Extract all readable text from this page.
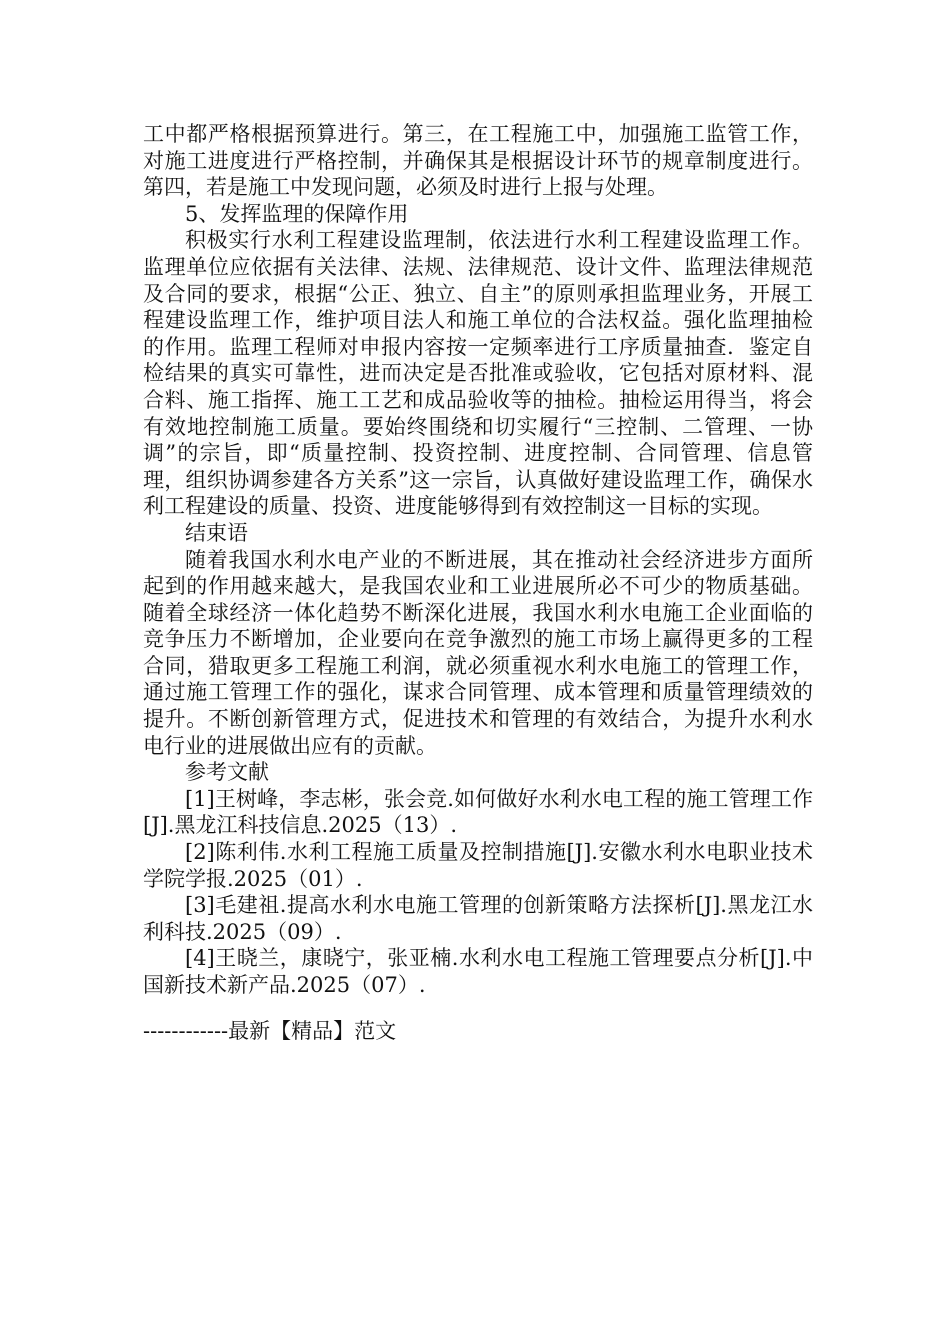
工中都严格根据预算进行。第三，在工程施工中，加强施工监管工作，对施工进度进行严格控制，并确保其是根据设计环节的规章制度进行。第四，若是施工中发现问题，必须及时进行上报与处理。

5、发挥监理的保障作用

积极实行水利工程建设监理制，依法进行水利工程建设监理工作。监理单位应依据有关法律、法规、法律规范、设计文件、监理法律规范及合同的要求，根据“公正、独立、自主”的原则承担监理业务，开展工程建设监理工作，维护项目法人和施工单位的合法权益。强化监理抽检的作用。监理工程师对申报内容按一定频率进行工序质量抽查．鉴定自检结果的真实可靠性，进而决定是否批准或验收，它包括对原材料、混合料、施工指挥、施工工艺和成品验收等的抽检。抽检运用得当，将会有效地控制施工质量。要始终围绕和切实履行“三控制、二管理、一协调”的宗旨，即“质量控制、投资控制、进度控制、合同管理、信息管理，组织协调参建各方关系”这一宗旨，认真做好建设监理工作，确保水利工程建设的质量、投资、进度能够得到有效控制这一目标的实现。

结束语

随着我国水利水电产业的不断进展，其在推动社会经济进步方面所起到的作用越来越大，是我国农业和工业进展所必不可少的物质基础。随着全球经济一体化趋势不断深化进展，我国水利水电施工企业面临的竞争压力不断增加，企业要向在竞争激烈的施工市场上赢得更多的工程合同，猎取更多工程施工利润，就必须重视水利水电施工的管理工作，通过施工管理工作的强化，谋求合同管理、成本管理和质量管理绩效的提升。不断创新管理方式，促进技术和管理的有效结合，为提升水利水电行业的进展做出应有的贡献。

参考文献

[1]王树峰，李志彬，张会竞.如何做好水利水电工程的施工管理工作[J].黑龙江科技信息.2025（13）.

[2]陈利伟.水利工程施工质量及控制措施[J].安徽水利水电职业技术学院学报.2025（01）.

[3]毛建祖.提高水利水电施工管理的创新策略方法探析[J].黑龙江水利科技.2025（09）.

[4]王晓兰，康晓宁，张亚楠.水利水电工程施工管理要点分析[J].中国新技术新产品.2025（07）.

------------最新【精品】范文
